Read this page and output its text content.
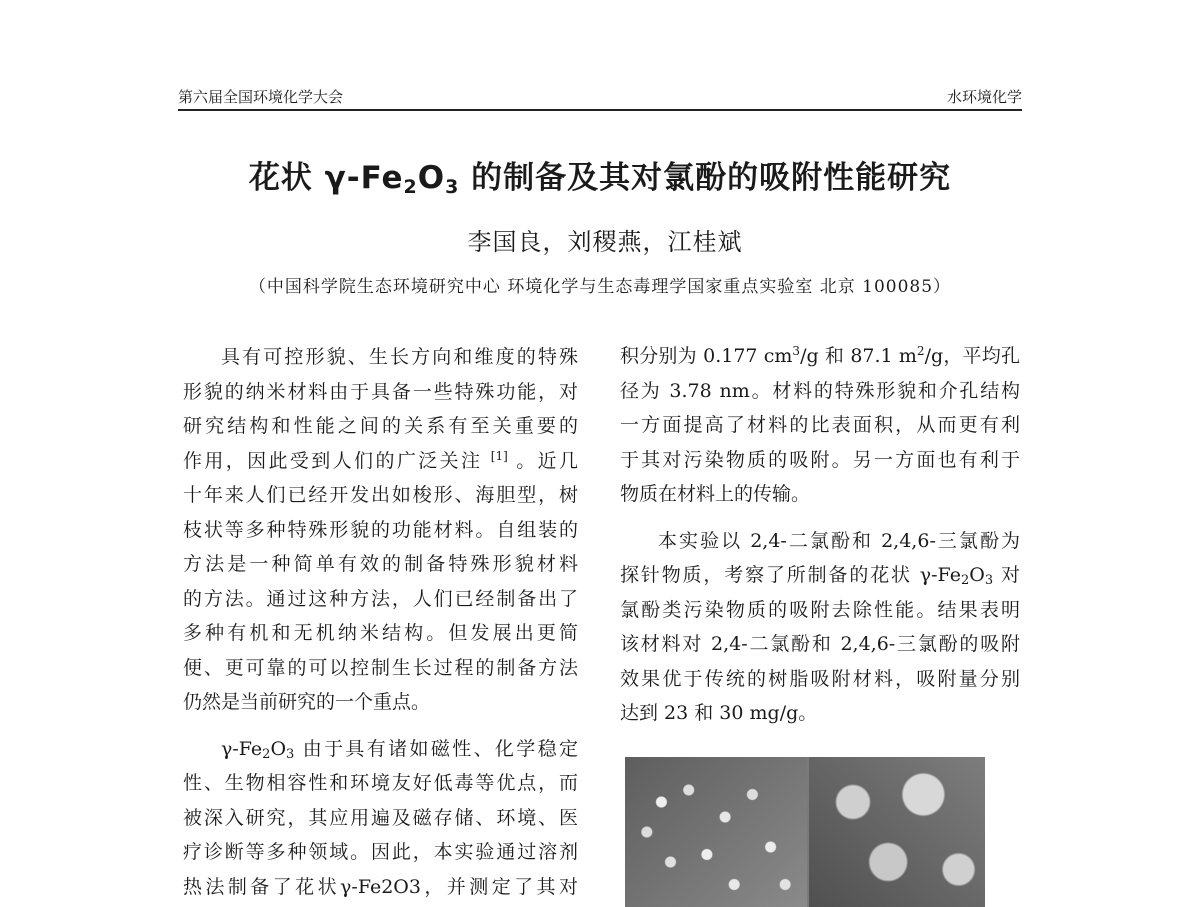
第六届全国环境化学大会	水环境化学
花状 $\gamma-Fe_2O_3$ 的制备及其对氯酚的吸附性能研究
李国良，刘稷燕，江桂斌
（中国科学院生态环境研究中心 环境化学与生态毒理学国家重点实验室 北京 100085）

具有可控形貌、生长方向和维度的特殊

形貌的纳米材料由于具备一些特殊功能，对

研究结构和性能之间的关系有至关重要的

作用，因此受到人们的广泛关注 [1] 。近几

十年来人们已经开发出如梭形、海胆型，树

枝状等多种特殊形貌的功能材料。自组装的

方法是一种简单有效的制备特殊形貌材料

的方法。通过这种方法，人们已经制备出了

多种有机和无机纳米结构。但发展出更简

便、更可靠的可以控制生长过程的制备方法

仍然是当前研究的一个重点。

$\gamma-Fe_2O_3$ 由于具有诸如磁性、化学稳定

性、生物相容性和环境友好低毒等优点，而

被深入研究，其应用遍及磁存储、环境、医

疗诊断等多种领域。因此，本实验通过溶剂

热法制备了花状γ-Fe2O3，并测定了其对

积分别为 0.177 $cm^3/g$ 和 87.1 $m^2/g$，平均孔

径为 3.78 nm。材料的特殊形貌和介孔结构

一方面提高了材料的比表面积，从而更有利

于其对污染物质的吸附。另一方面也有利于

物质在材料上的传输。

本实验以 2,4-二氯酚和 2,4,6-三氯酚为

探针物质，考察了所制备的花状 $\gamma-Fe_2O_3$ 对

氯酚类污染物质的吸附去除性能。结果表明

该材料对 2,4-二氯酚和 2,4,6-三氯酚的吸附

效果优于传统的树脂吸附材料，吸附量分别

达到 23 和 30 mg/g。
